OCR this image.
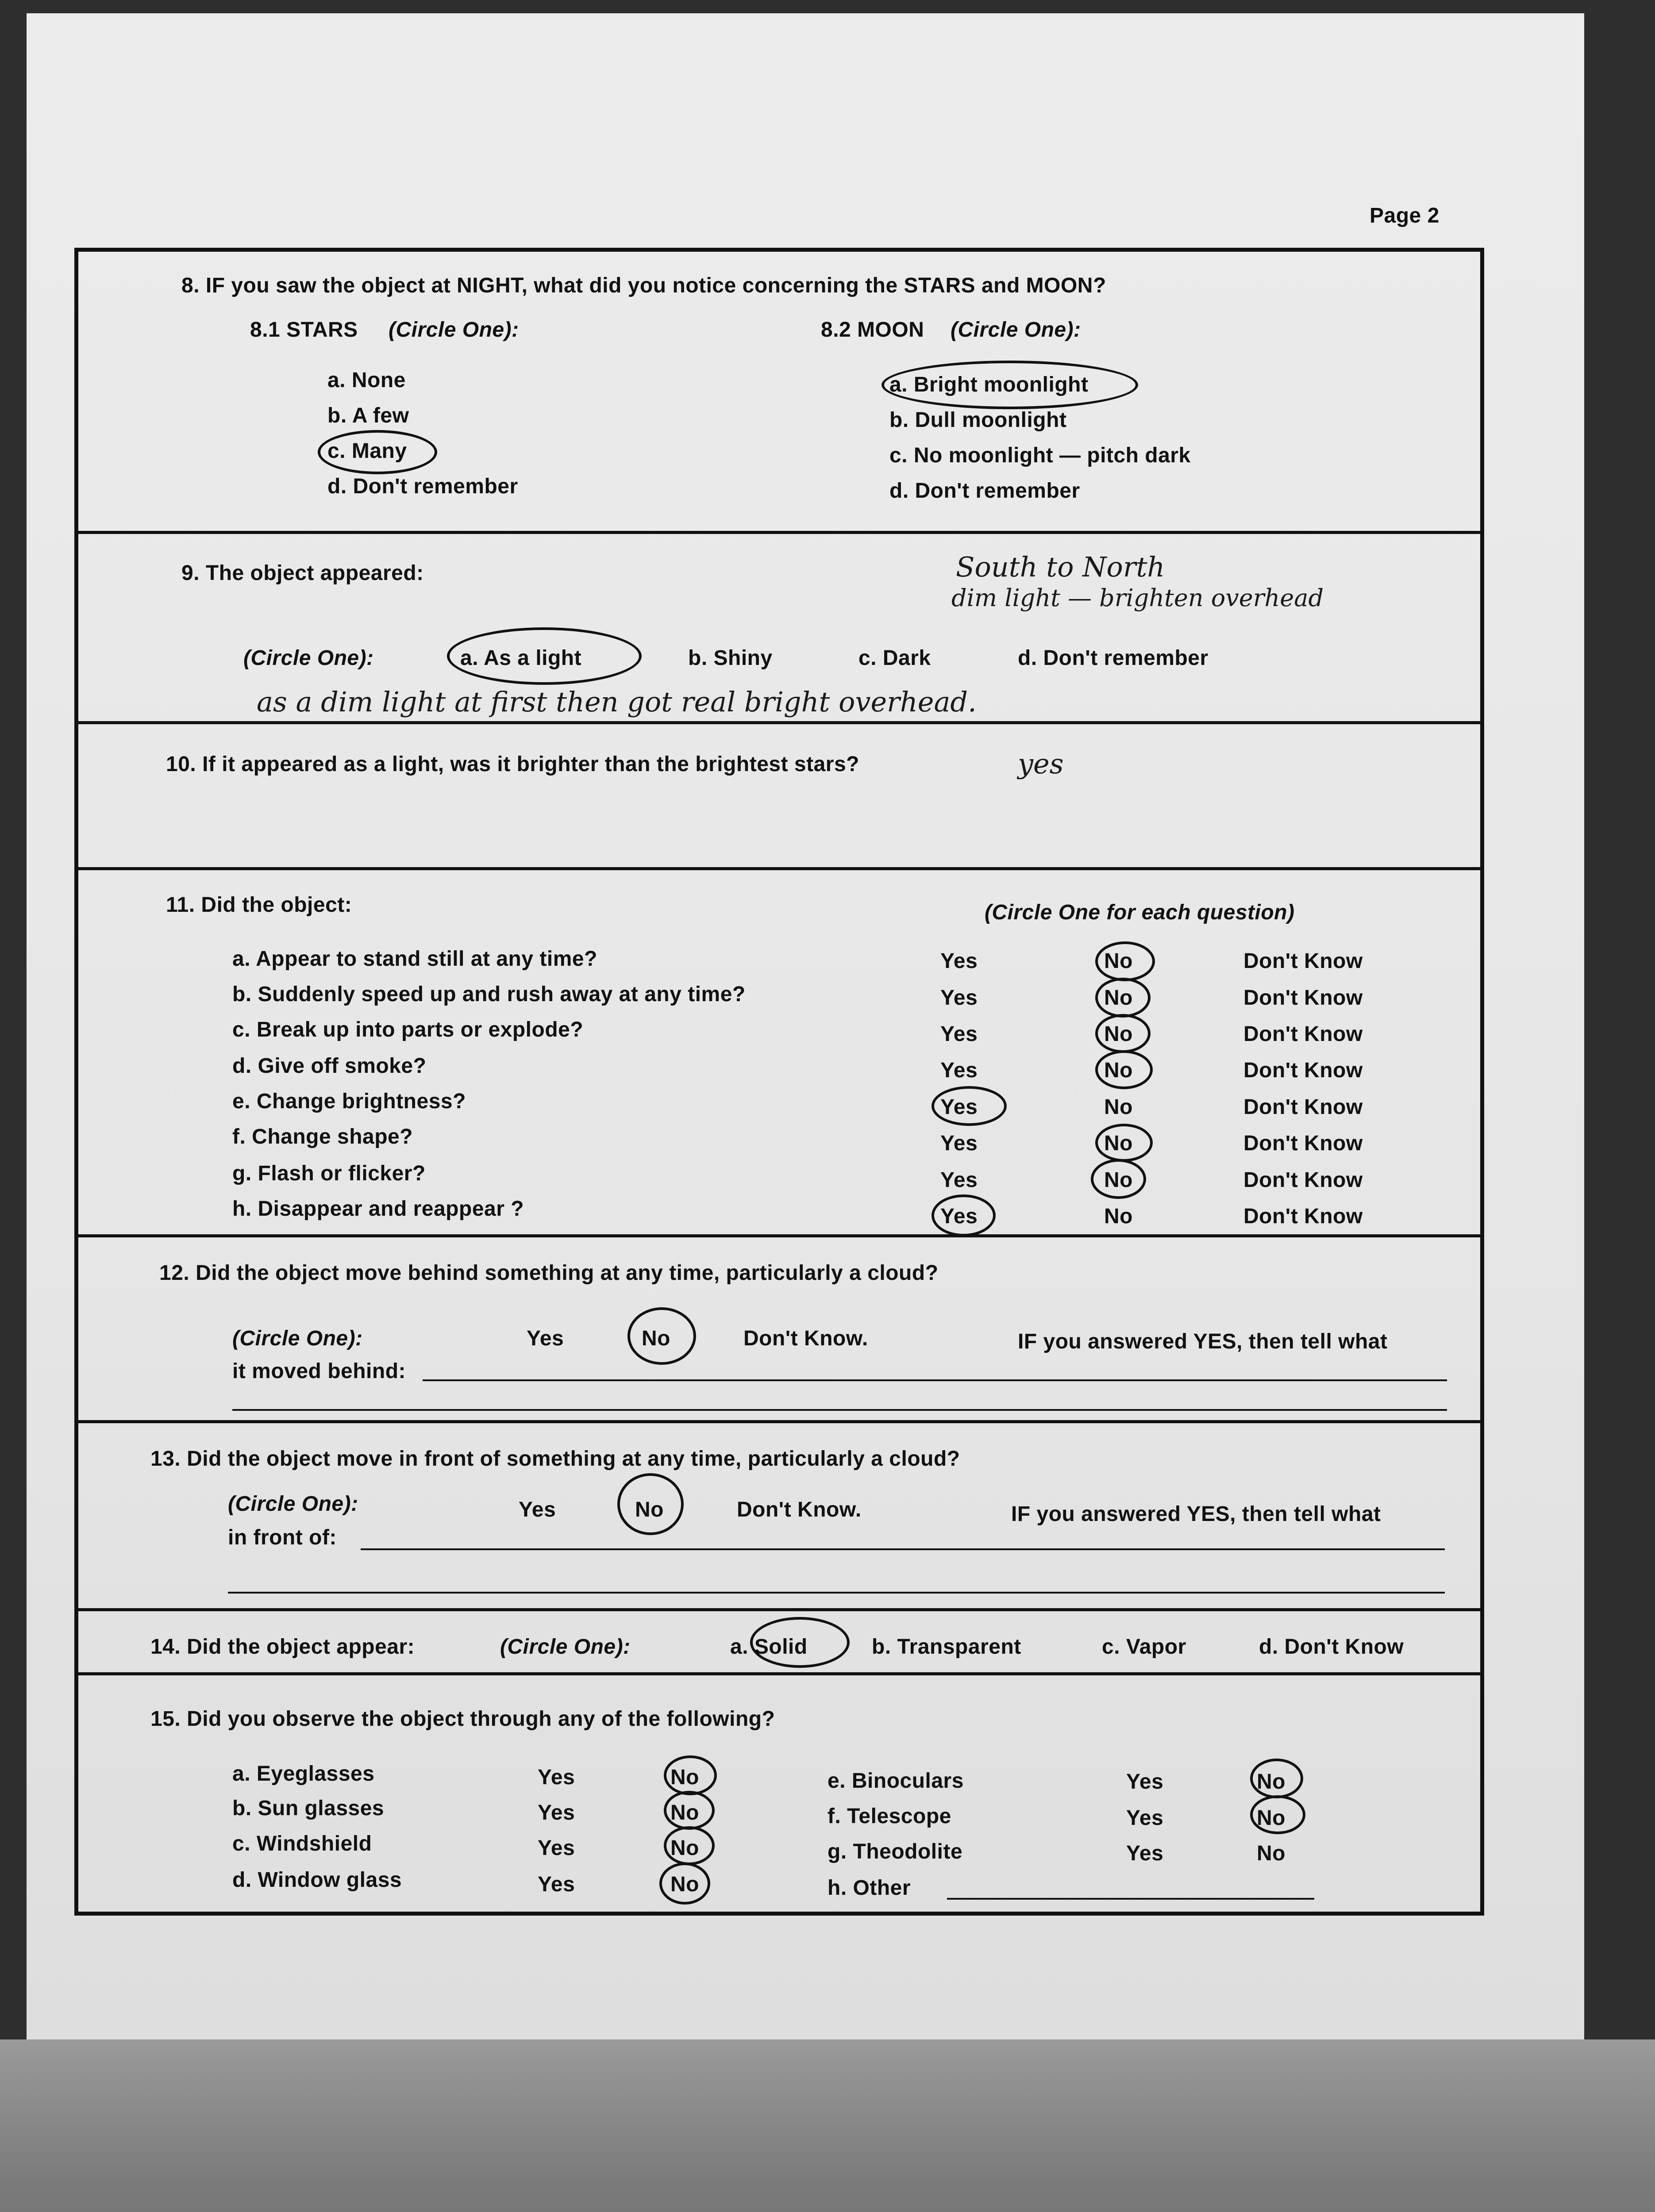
Page 2
8. IF you saw the object at NIGHT, what did you notice concerning the STARS and MOON?
8.1 STARS (Circle One):	8.2 MOON (Circle One):
a. None
b. A few
c. Many
d. Don't remember
a. Bright moonlight
b. Dull moonlight
c. No moonlight — pitch dark
d. Don't remember
9. The object appeared:	South to North
dim light — brighten overhead
(Circle One):	a. As a light	b. Shiny	c. Dark	d. Don't remember
as a dim light at first then got real bright overhead.
10. If it appeared as a light, was it brighter than the brightest stars?	yes
11. Did the object:	(Circle One for each question)
a. Appear to stand still at any time?	Yes	No	Don't Know
b. Suddenly speed up and rush away at any time?	Yes	No	Don't Know
c. Break up into parts or explode?	Yes	No	Don't Know
d. Give off smoke?	Yes	No	Don't Know
e. Change brightness?	Yes	No	Don't Know
f. Change shape?	Yes	No	Don't Know
g. Flash or flicker?	Yes	No	Don't Know
h. Disappear and reappear ?	Yes	No	Don't Know
12. Did the object move behind something at any time, particularly a cloud?
(Circle One):	Yes	No	Don't Know.	IF you answered YES, then tell what
it moved behind:
13. Did the object move in front of something at any time, particularly a cloud?
(Circle One):	Yes	No	Don't Know.	IF you answered YES, then tell what
in front of:
14. Did the object appear:	(Circle One):	a. Solid	b. Transparent	c. Vapor	d. Don't Know
15. Did you observe the object through any of the following?
a. Eyeglasses	Yes	No
b. Sun glasses	Yes	No
c. Windshield	Yes	No
d. Window glass	Yes	No
e. Binoculars	Yes	No
f. Telescope	Yes	No
g. Theodolite	Yes	No
h. Other
